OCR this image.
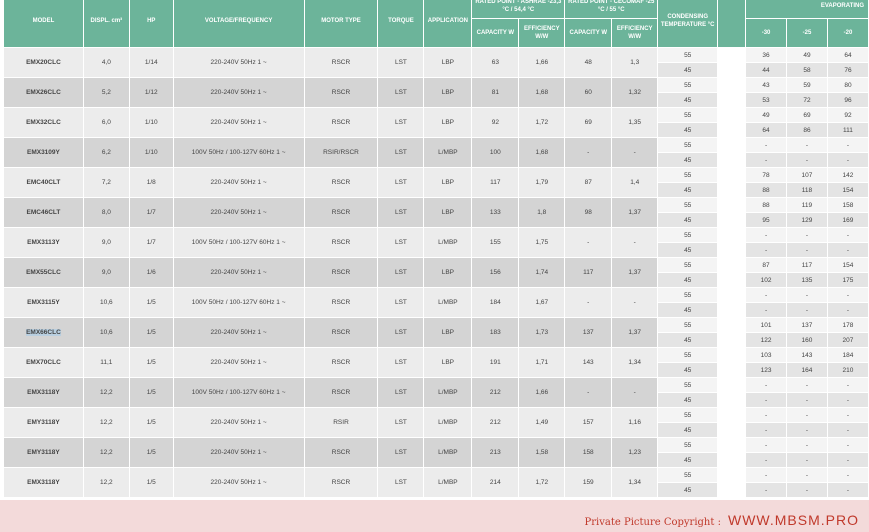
MODEL	DISPL. cm³	HP	VOLTAGE/FREQUENCY	MOTOR TYPE	TORQUE	APPLICATION	RATED POINT - ASHRAE -23,3 °C / 54,4 °C		RATED POINT - CECOMAF -25 °C / 55 °C		CONDENSING TEMPERATURE °C		EVAPORATING		
							CAPACITY W	EFFICIENCY W/W	CAPACITY W	EFFICIENCY W/W			-30	-25	-20
EMX20CLC	4,0	1/14	220-240V 50Hz 1 ~	RSCR	LST	LBP	63	1,66	48	1,3	55		36	49	64
											45		44	58	76
EMX26CLC	5,2	1/12	220-240V 50Hz 1 ~	RSCR	LST	LBP	81	1,68	60	1,32	55		43	59	80
											45		53	72	96
EMX32CLC	6,0	1/10	220-240V 50Hz 1 ~	RSCR	LST	LBP	92	1,72	69	1,35	55		49	69	92
											45		64	86	111
EMX3109Y	6,2	1/10	100V 50Hz / 100-127V 60Hz 1 ~	RSIR/RSCR	LST	L/MBP	100	1,68	-	-	55		-	-	-
											45		-	-	-
EMC40CLT	7,2	1/8	220-240V 50Hz 1 ~	RSCR	LST	LBP	117	1,79	87	1,4	55		78	107	142
											45		88	118	154
EMC46CLT	8,0	1/7	220-240V 50Hz 1 ~	RSCR	LST	LBP	133	1,8	98	1,37	55		88	119	158
											45		95	129	169
EMX3113Y	9,0	1/7	100V 50Hz / 100-127V 60Hz 1 ~	RSCR	LST	L/MBP	155	1,75	-	-	55		-	-	-
											45		-	-	-
EMX55CLC	9,0	1/6	220-240V 50Hz 1 ~	RSCR	LST	LBP	156	1,74	117	1,37	55		87	117	154
											45		102	135	175
EMX3115Y	10,6	1/5	100V 50Hz / 100-127V 60Hz 1 ~	RSCR	LST	L/MBP	184	1,67	-	-	55		-	-	-
											45		-	-	-
EMX66CLC	10,6	1/5	220-240V 50Hz 1 ~	RSCR	LST	LBP	183	1,73	137	1,37	55		101	137	178
											45		122	160	207
EMX70CLC	11,1	1/5	220-240V 50Hz 1 ~	RSCR	LST	LBP	191	1,71	143	1,34	55		103	143	184
											45		123	164	210
EMX3118Y	12,2	1/5	100V 50Hz / 100-127V 60Hz 1 ~	RSCR	LST	L/MBP	212	1,66	-	-	55		-	-	-
											45		-	-	-
EMY3118Y	12,2	1/5	220-240V 50Hz 1 ~	RSIR	LST	L/MBP	212	1,49	157	1,16	55		-	-	-
											45		-	-	-
EMY3118Y	12,2	1/5	220-240V 50Hz 1 ~	RSCR	LST	L/MBP	213	1,58	158	1,23	55		-	-	-
											45		-	-	-
EMX3118Y	12,2	1/5	220-240V 50Hz 1 ~	RSCR	LST	L/MBP	214	1,72	159	1,34	55		-	-	-
											45		-	-	-
Private Picture Copyright : WWW.MBSM.PRO
